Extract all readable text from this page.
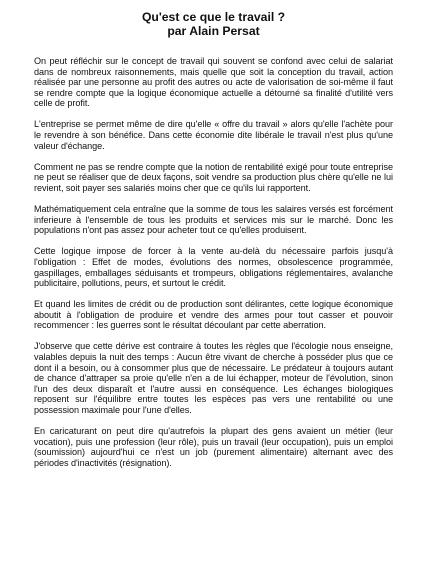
Qu'est ce que le travail ?
par Alain Persat

On peut réfléchir sur le concept de travail qui souvent se confond avec celui de salariat dans de nombreux raisonnements, mais quelle que soit la conception du travail, action réalisée par une personne au profit des autres ou acte de valorisation de soi-même il faut se rendre compte que la logique économique actuelle a détourné sa finalité d'utilité vers celle de profit.

L'entreprise se permet même de dire qu'elle « offre du travail » alors qu'elle l'achète pour le revendre à son bénéfice. Dans cette économie dite libérale le travail n'est plus qu'une valeur d'échange.

Comment ne pas se rendre compte que la notion de rentabilité exigé pour toute entreprise ne peut se réaliser que de deux façons, soit vendre sa production plus chère qu'elle ne lui revient, soit payer ses salariés moins cher que ce qu'ils lui rapportent.

Mathématiquement cela entraîne que la somme de tous les salaires versés est forcément inferieure à l'ensemble de tous les produits et services mis sur le marché. Donc les populations n'ont pas assez pour acheter tout ce qu'elles produisent.

Cette logique impose de forcer à la vente au-delà du nécessaire parfois jusqu'à l'obligation : Effet de modes, évolutions des normes, obsolescence programmée, gaspillages, emballages séduisants et trompeurs, obligations réglementaires, avalanche publicitaire, pollutions, peurs, et surtout le crédit.

Et quand les limites de crédit ou de production sont délirantes, cette logique économique aboutit à l'obligation de produire et vendre des armes pour tout casser et pouvoir recommencer : les guerres sont le résultat découlant par cette aberration.

J'observe que cette dérive est contraire à toutes les règles que l'écologie nous enseigne, valables depuis la nuit des temps : Aucun être vivant de cherche à posséder plus que ce dont il a besoin, ou à consommer plus que de nécessaire. Le prédateur à toujours autant de chance d'attraper sa proie qu'elle n'en a de lui échapper, moteur de l'évolution, sinon l'un des deux disparaît et l'autre aussi en conséquence. Les échanges biologiques reposent sur l'équilibre entre toutes les espèces pas vers une rentabilité ou une possession maximale pour l'une d'elles.

En caricaturant on peut dire qu'autrefois la plupart des gens avaient un métier (leur vocation), puis une profession (leur rôle), puis un travail (leur occupation), puis un emploi (soumission) aujourd'hui ce n'est un job (purement alimentaire) alternant avec des périodes d'inactivités (résignation).
